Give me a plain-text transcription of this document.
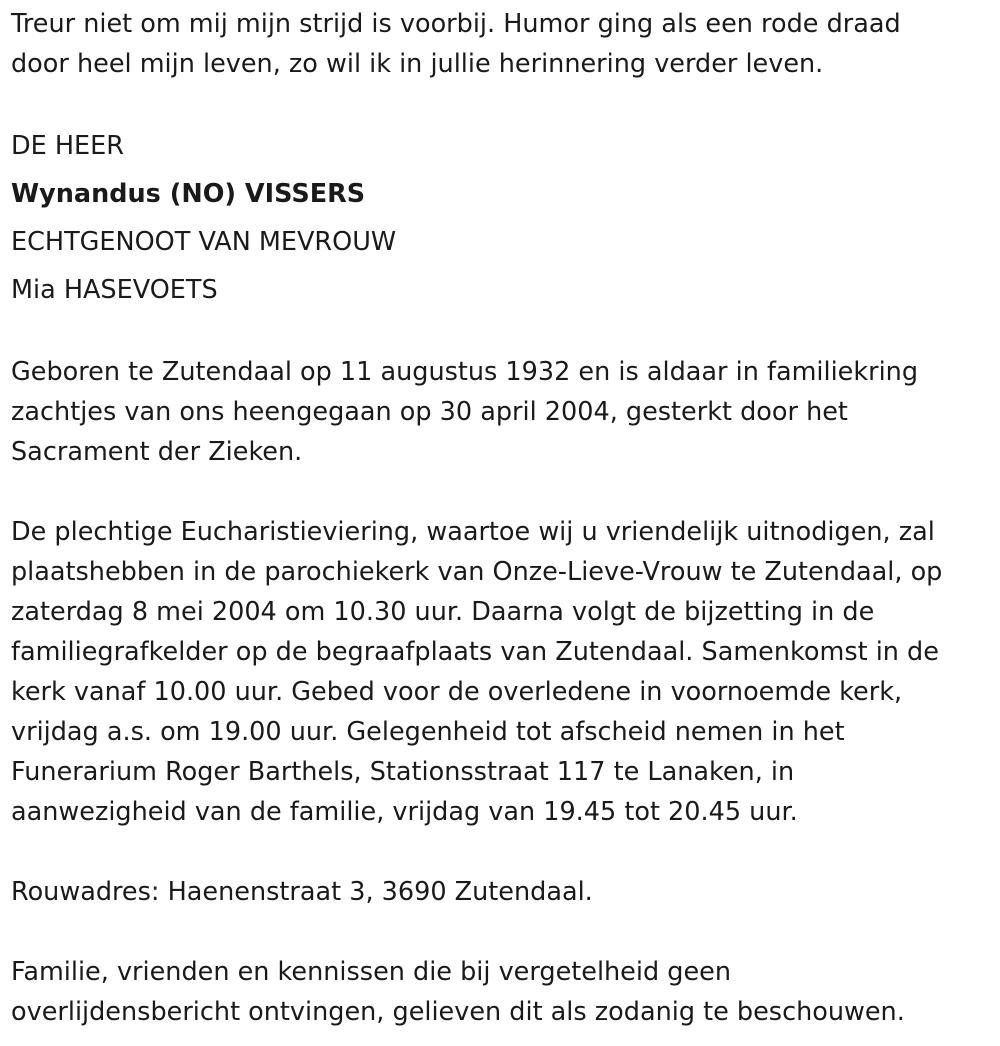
Treur niet om mij mijn strijd is voorbij. Humor ging als een rode draad
door heel mijn leven, zo wil ik in jullie herinnering verder leven.

DE HEER
Wynandus (NO) VISSERS
ECHTGENOOT VAN MEVROUW
Mia HASEVOETS

Geboren te Zutendaal op 11 augustus 1932 en is aldaar in familiekring
zachtjes van ons heengegaan op 30 april 2004, gesterkt door het
Sacrament der Zieken.

De plechtige Eucharistieviering, waartoe wij u vriendelijk uitnodigen, zal
plaatshebben in de parochiekerk van Onze-Lieve-Vrouw te Zutendaal, op
zaterdag 8 mei 2004 om 10.30 uur. Daarna volgt de bijzetting in de
familiegrafkelder op de begraafplaats van Zutendaal. Samenkomst in de
kerk vanaf 10.00 uur. Gebed voor de overledene in voornoemde kerk,
vrijdag a.s. om 19.00 uur. Gelegenheid tot afscheid nemen in het
Funerarium Roger Barthels, Stationsstraat 117 te Lanaken, in
aanwezigheid van de familie, vrijdag van 19.45 tot 20.45 uur.

Rouwadres: Haenenstraat 3, 3690 Zutendaal.

Familie, vrienden en kennissen die bij vergetelheid geen
overlijdensbericht ontvingen, gelieven dit als zodanig te beschouwen.
